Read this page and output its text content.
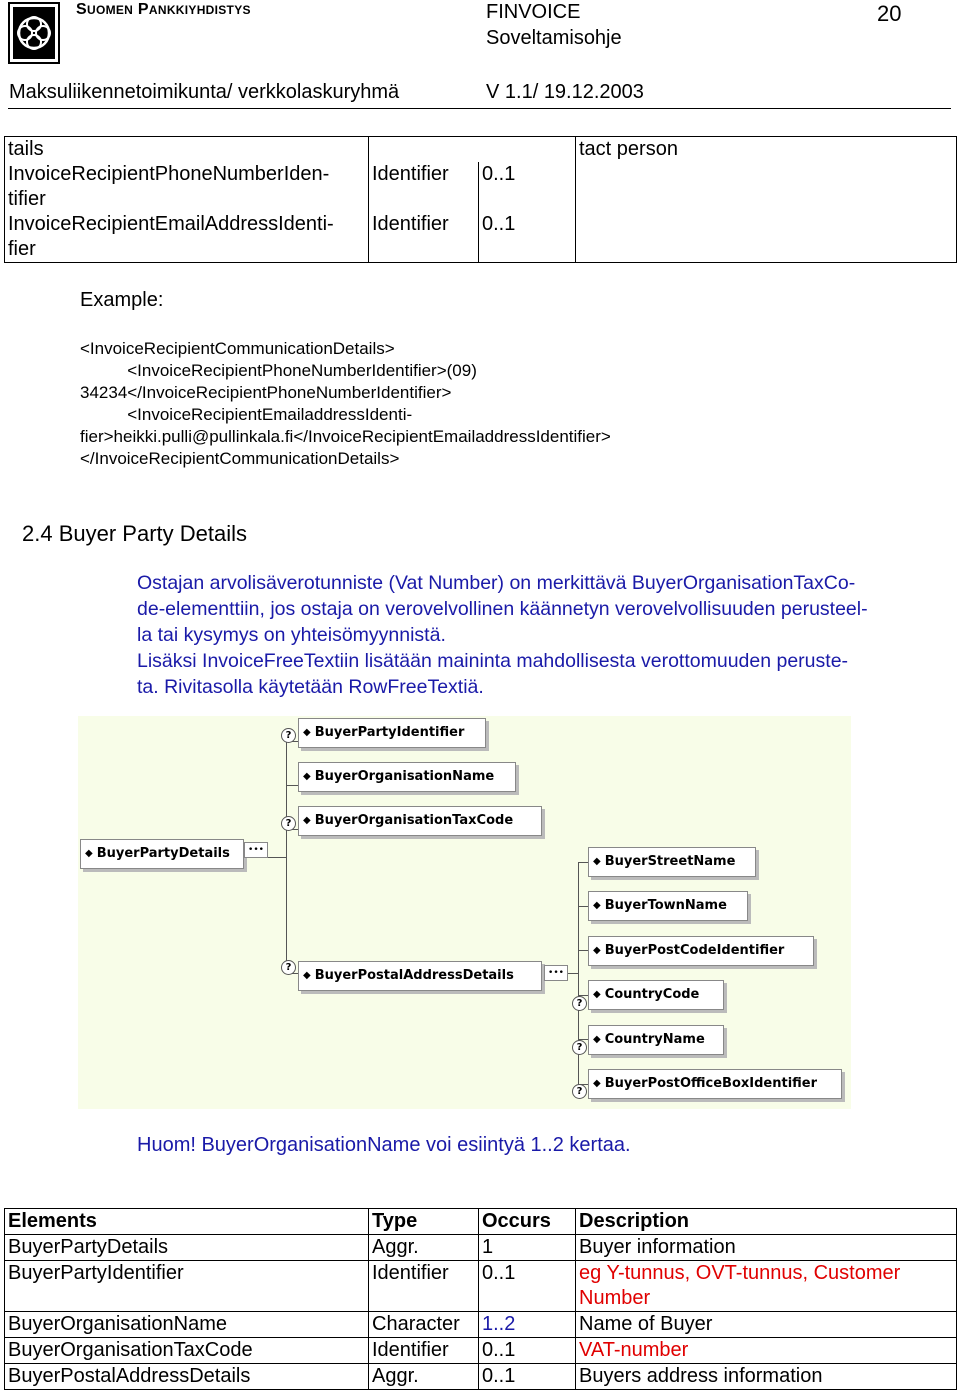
SUOMEN PANKKIYHDISTYS	FINVOICE
Soveltamisohje
20
Maksuliikennetoimikunta/ verkkolaskuryhmä	V 1.1/ 19.12.2003
tails			tact person
InvoiceRecipientPhoneNumberIden-
tifier	Identifier	0..1	
InvoiceRecipientEmailAddressIdenti-
fier	Identifier	0..1	
Example:
<InvoiceRecipientCommunicationDetails>
<InvoiceRecipientPhoneNumberIdentifier>(09)
34234</InvoiceRecipientPhoneNumberIdentifier>
<InvoiceRecipientEmailaddressIdenti-
fier>heikki.pulli@pullinkala.fi</InvoiceRecipientEmailaddressIdentifier>
</InvoiceRecipientCommunicationDetails>
2.4 Buyer Party Details
Ostajan arvolisäverotunniste (Vat Number) on merkittävä BuyerOrganisationTaxCo-
de-elementtiin, jos ostaja on verovelvollinen käännetyn verovelvollisuuden perusteel-
la tai kysymys on yhteisömyynnistä.
Lisäksi InvoiceFreeTextiin lisätään maininta mahdollisesta verottomuuden peruste-
ta. Rivitasolla käytetään RowFreeTextiä.
◆ BuyerPartyDetails	•••
?	◆ BuyerPartyIdentifier
◆ BuyerOrganisationName
?	◆ BuyerOrganisationTaxCode
?
◆ BuyerPostalAddressDetails	•••
◆ BuyerStreetName
◆ BuyerTownName
◆ BuyerPostCodeIdentifier
?
◆ CountryCode
?
◆ CountryName
?
◆ BuyerPostOfficeBoxIdentifier
Huom! BuyerOrganisationName voi esiintyä 1..2 kertaa.
Elements	Type	Occurs	Description
BuyerPartyDetails	Aggr.	1	Buyer information
BuyerPartyIdentifier	Identifier	0..1	eg Y-tunnus, OVT-tunnus, Customer Number
BuyerOrganisationName	Character	1..2	Name of Buyer
BuyerOrganisationTaxCode	Identifier	0..1	VAT-number
BuyerPostalAddressDetails	Aggr.	0..1	Buyers address information
